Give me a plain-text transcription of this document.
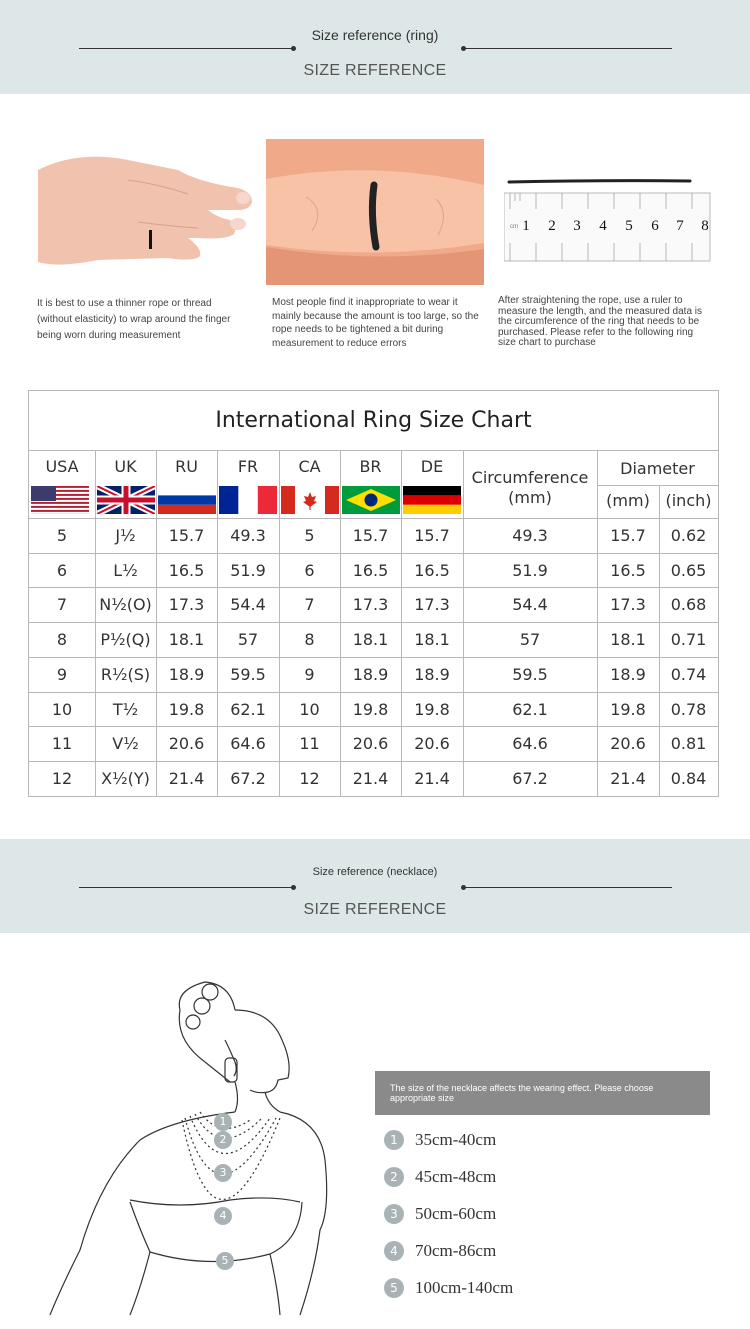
Size reference (ring)
SIZE REFERENCE
cm 1 2 3 4 5 6 7 8
It is best to use a thinner rope or thread (without elasticity) to wrap around the finger being worn during measurement
Most people find it inappropriate to wear it mainly because the amount is too large, so the rope needs to be tightened a bit during measurement to reduce errors
After straightening the rope, use a ruler to measure the length, and the measured data is the circumference of the ring that needs to be purchased. Please refer to the following ring size chart to purchase
International Ring Size Chart
USA	UK	RU	FR	CA	BR	DE
Circumference (mm)
Diameter
(mm) (inch)
5	J½	15.7	49.3	5	15.7	15.7	49.3	15.7	0.62
6	L½	16.5	51.9	6	16.5	16.5	51.9	16.5	0.65
7	N½(O)	17.3	54.4	7	17.3	17.3	54.4	17.3	0.68
8	P½(Q)	18.1	57	8	18.1	18.1	57	18.1	0.71
9	R½(S)	18.9	59.5	9	18.9	18.9	59.5	18.9	0.74
10	T½	19.8	62.1	10	19.8	19.8	62.1	19.8	0.78
11	V½	20.6	64.6	11	20.6	20.6	64.6	20.6	0.81
12	X½(Y)	21.4	67.2	12	21.4	21.4	67.2	21.4	0.84
Size reference (necklace)
SIZE REFERENCE
1
2
3
4
5
The size of the necklace affects the wearing effect. Please choose appropriate size
1	35cm-40cm
2	45cm-48cm
3	50cm-60cm
4	70cm-86cm
5	100cm-140cm
